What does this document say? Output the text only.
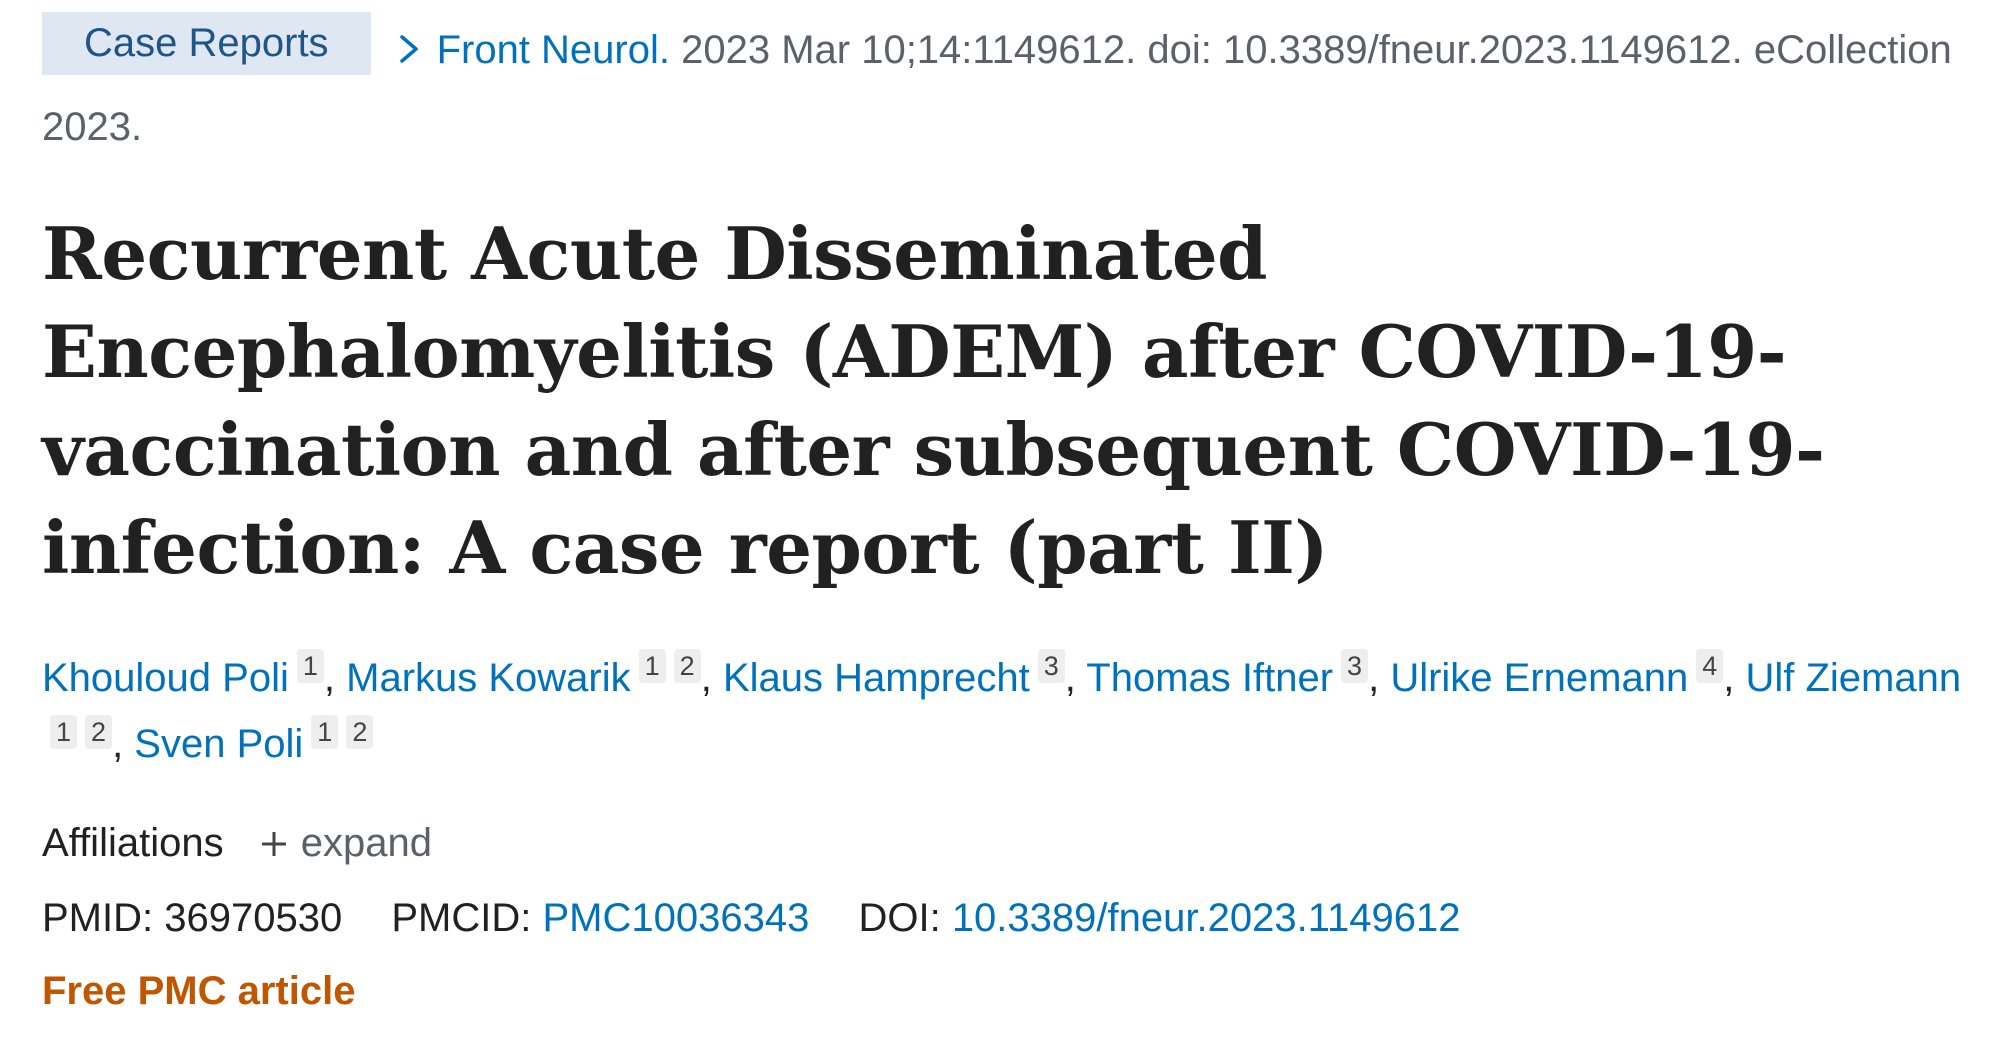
Case Reports	Front Neurol. 2023 Mar 10;14:1149612. doi: 10.3389/fneur.2023.1149612. eCollection 2023.
Recurrent Acute Disseminated Encephalomyelitis (ADEM) after COVID-19-vaccination and after subsequent COVID-19-infection: A case report (part II)
Khouloud Poli 1 , Markus Kowarik 1 2 , Klaus Hamprecht 3 , Thomas Iftner 3 , Ulrike Ernemann 4 , Ulf Ziemann1 2 , Sven Poli 1 2
Affiliations expand
PMID: 36970530 PMCID: PMC10036343 DOI: 10.3389/fneur.2023.1149612
Free PMC article
